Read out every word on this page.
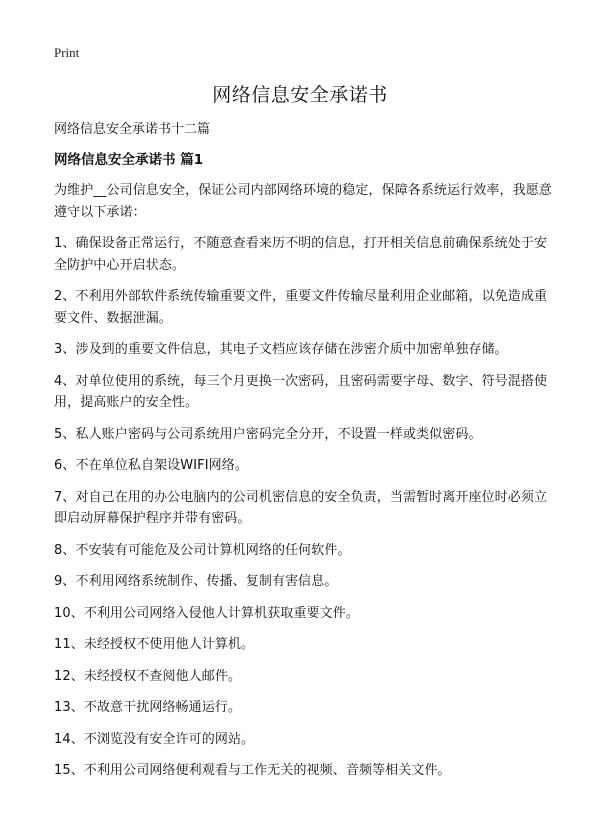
Print
网络信息安全承诺书
网络信息安全承诺书十二篇
网络信息安全承诺书 篇1

为维护__公司信息安全，保证公司内部网络环境的稳定，保障各系统运行效率，我愿意遵守以下承诺：

1、确保设备正常运行，不随意查看来历不明的信息，打开相关信息前确保系统处于安全防护中心开启状态。

2、不利用外部软件系统传输重要文件，重要文件传输尽量利用企业邮箱，以免造成重要文件、数据泄漏。

3、涉及到的重要文件信息，其电子文档应该存储在涉密介质中加密单独存储。

4、对单位使用的系统，每三个月更换一次密码，且密码需要字母、数字、符号混搭使用，提高账户的安全性。

5、私人账户密码与公司系统用户密码完全分开，不设置一样或类似密码。

6、不在单位私自架设WIFI网络。

7、对自己在用的办公电脑内的公司机密信息的安全负责，当需暂时离开座位时必须立即启动屏幕保护程序并带有密码。

8、不安装有可能危及公司计算机网络的任何软件。

9、不利用网络系统制作、传播、复制有害信息。

10、不利用公司网络入侵他人计算机获取重要文件。

11、未经授权不使用他人计算机。

12、未经授权不查阅他人邮件。

13、不故意干扰网络畅通运行。

14、不浏览没有安全许可的网站。

15、不利用公司网络便利观看与工作无关的视频、音频等相关文件。
